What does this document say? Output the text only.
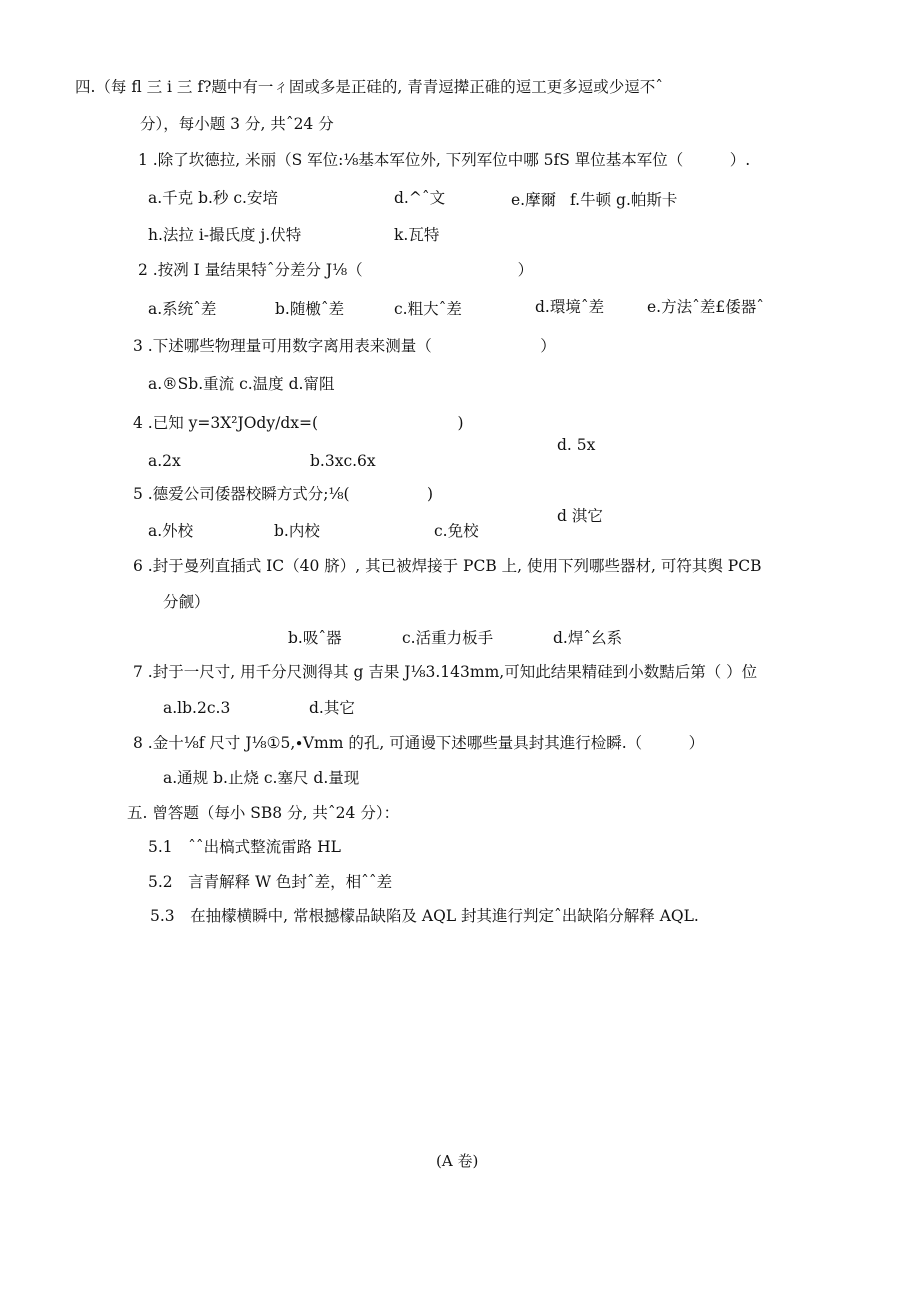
四.（每 fl 三 i 三 f?题中有一ㄔ固或多是正硅的, 青青逗撵正碓的逗工更多逗或少逗不ˆ
分），每小题 3 分, 共ˆ24 分
1 .除了坎德拉, 米丽（S 军位:⅛基本军位外, 下列军位中哪 5fS 單位基本军位（　　　）.
a.千克 b.秒 c.安培	d.^ˆ文	e.摩爾 f.牛顿 g.帕斯卡
h.法拉 i-撮氏度 j.伏特	k.瓦特
2 .按冽 I 量结果特ˆ分差分 J⅛（　　　　　　　　　　）
a.系统ˆ差	b.随檄ˆ差	c.粗大ˆ差	d.環境ˆ差	e.方法ˆ差£倭器ˆ
3 .下述哪些物理量可用数字离用表来测量（　　　　　　　）
a.®Sb.重流 c.温度 d.甯阻
4 .已知 y=3X²JOdy/dx=(　　　　　　　　　)
d. 5x
a.2x	b.3xc.6x
5 .德爱公司倭器校瞬方式分;⅛(　　　　　)
d 淇它
a.外校	b.内校	c.免校
6 .封于曼列直插式 IC（40 脐）, 其已被焊接于 PCB 上, 使用下列哪些器材, 可符其舆 PCB
分觎）
b.吸ˆ器	c.活重力板手	d.焊ˆ幺系
7 .封于一尺寸, 用千分尺测得其 g 吉果 J⅛3.143mm,可知此结果精硅到小数黠后第（ ）位
a.lb.2c.3	d.其它
8 .金十⅛f 尺寸 J⅛①5,∙Vmm 的孔, 可通谩下述哪些量具封其進行检瞬.（　　　）
a.通规 b.止烧 c.塞尺 d.量现
五. 曾答题（每小 SB8 分, 共ˆ24 分）：
5.1　ˆˆ出槁式整流雷路 HL
5.2　言青解释 W 色封ˆ差，相ˆˆ差
5.3　在抽檬横瞬中, 常根撼檬品缺陷及 AQL 封其進行判定ˆ出缺陷分解释 AQL.
(A 卷)
